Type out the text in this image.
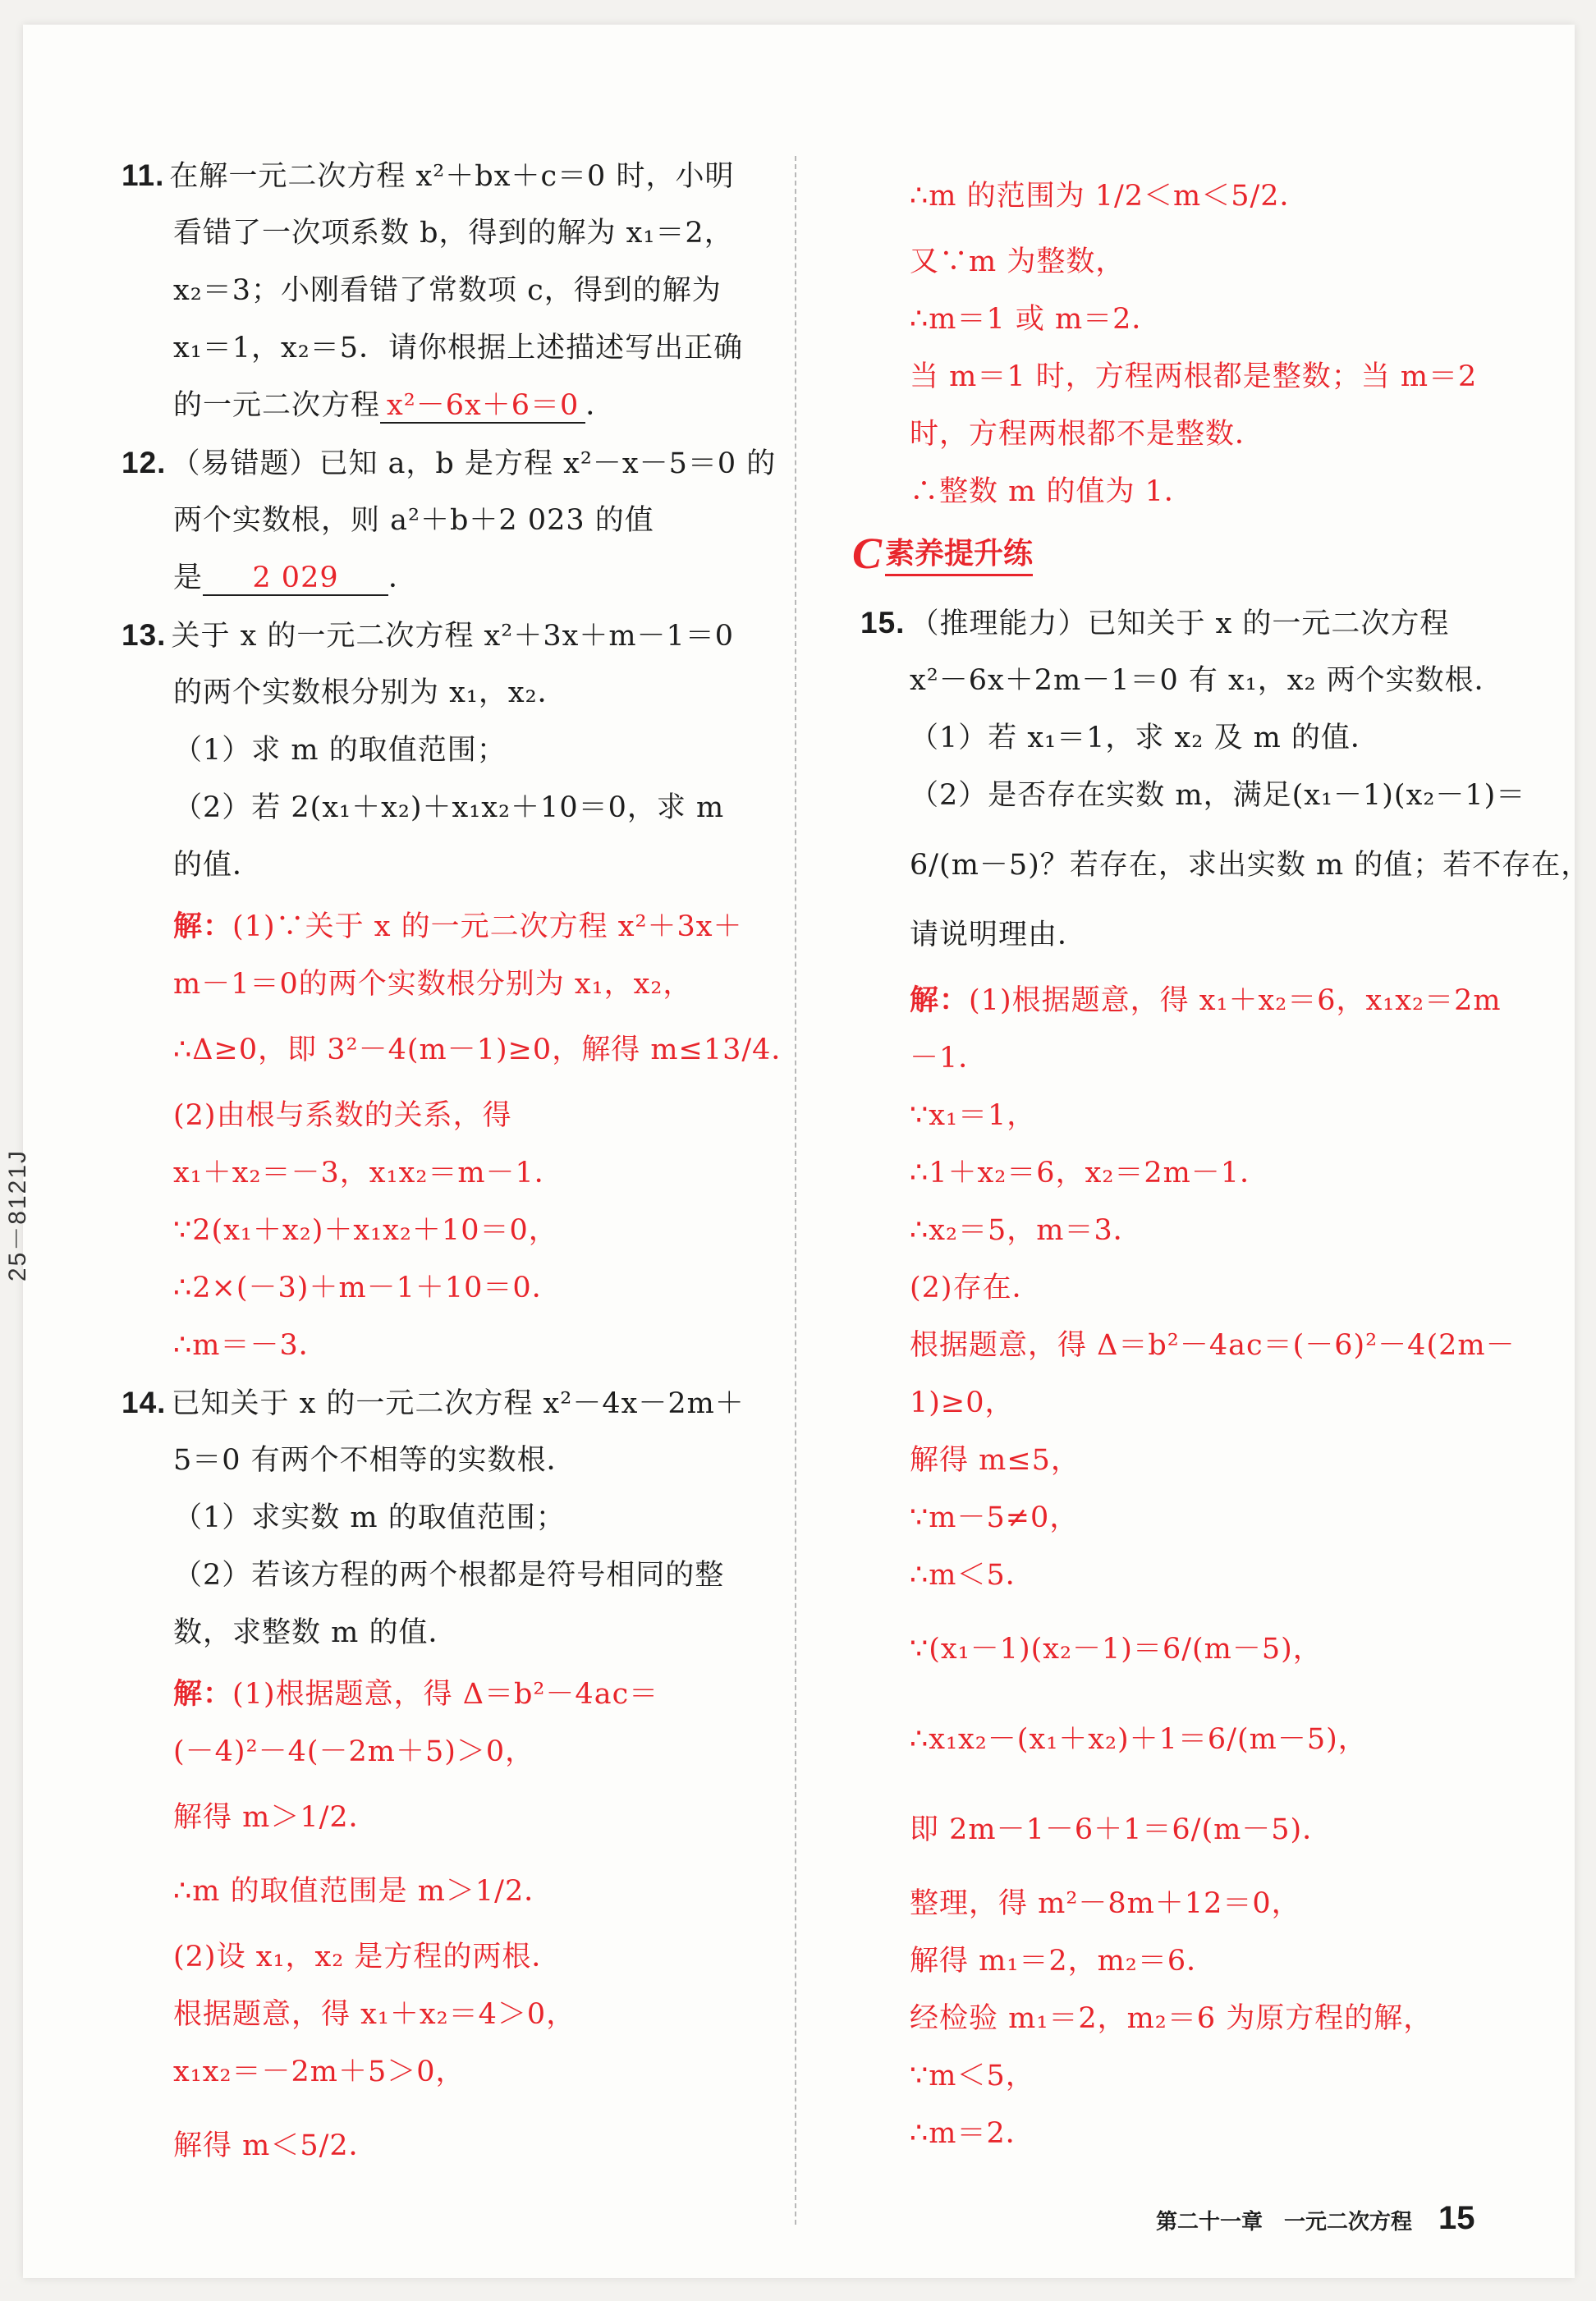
11. 在解一元二次方程 x²＋bx＋c＝0 时，小明
看错了一次项系数 b，得到的解为 x₁＝2，
x₂＝3；小刚看错了常数项 c，得到的解为
x₁＝1，x₂＝5．请你根据上述描述写出正确
的一元二次方程 x²－6x＋6＝0 ．
12. （易错题）已知 a，b 是方程 x²－x－5＝0 的
两个实数根，则 a²＋b＋2 023 的值
是 2 029 ．
13. 关于 x 的一元二次方程 x²＋3x＋m－1＝0
的两个实数根分别为 x₁，x₂．
（1）求 m 的取值范围；
（2）若 2(x₁＋x₂)＋x₁x₂＋10＝0，求 m
的值．
解：(1)∵关于 x 的一元二次方程 x²＋3x＋
m－1＝0的两个实数根分别为 x₁，x₂，
∴Δ≥0，即 3²－4(m－1)≥0，解得 m≤13/4．
(2)由根与系数的关系，得
x₁＋x₂＝－3，x₁x₂＝m－1．
∵2(x₁＋x₂)＋x₁x₂＋10＝0，
∴2×(－3)＋m－1＋10＝0．
∴m＝－3．
14. 已知关于 x 的一元二次方程 x²－4x－2m＋
5＝0 有两个不相等的实数根．
（1）求实数 m 的取值范围；
（2）若该方程的两个根都是符号相同的整
数，求整数 m 的值．
解：(1)根据题意，得 Δ＝b²－4ac＝
(－4)²－4(－2m＋5)＞0，
解得 m＞1/2．
∴m 的取值范围是 m＞1/2．
(2)设 x₁，x₂ 是方程的两根．
根据题意，得 x₁＋x₂＝4＞0，
x₁x₂＝－2m＋5＞0，
解得 m＜5/2．
∴m 的范围为 1/2＜m＜5/2．
又∵m 为整数，
∴m＝1 或 m＝2．
当 m＝1 时，方程两根都是整数；当 m＝2
时，方程两根都不是整数．
∴整数 m 的值为 1．
15. （推理能力）已知关于 x 的一元二次方程
x²－6x＋2m－1＝0 有 x₁，x₂ 两个实数根．
（1）若 x₁＝1，求 x₂ 及 m 的值．
（2）是否存在实数 m，满足(x₁－1)(x₂－1)＝
6/(m－5)？若存在，求出实数 m 的值；若不存在，
请说明理由．
解：(1)根据题意，得 x₁＋x₂＝6，x₁x₂＝2m
－1．
∵x₁＝1，
∴1＋x₂＝6，x₂＝2m－1．
∴x₂＝5，m＝3．
(2)存在．
根据题意，得 Δ＝b²－4ac＝(－6)²－4(2m－
1)≥0，
解得 m≤5，
∵m－5≠0，
∴m＜5．
∵(x₁－1)(x₂－1)＝6/(m－5)，
∴x₁x₂－(x₁＋x₂)＋1＝6/(m－5)，
即 2m－1－6＋1＝6/(m－5)．
整理，得 m²－8m＋12＝0，
解得 m₁＝2，m₂＝6．
经检验 m₁＝2，m₂＝6 为原方程的解，
∵m＜5，
∴m＝2．
C 素养提升练
第二十一章　一元二次方程 15
25－8121J
